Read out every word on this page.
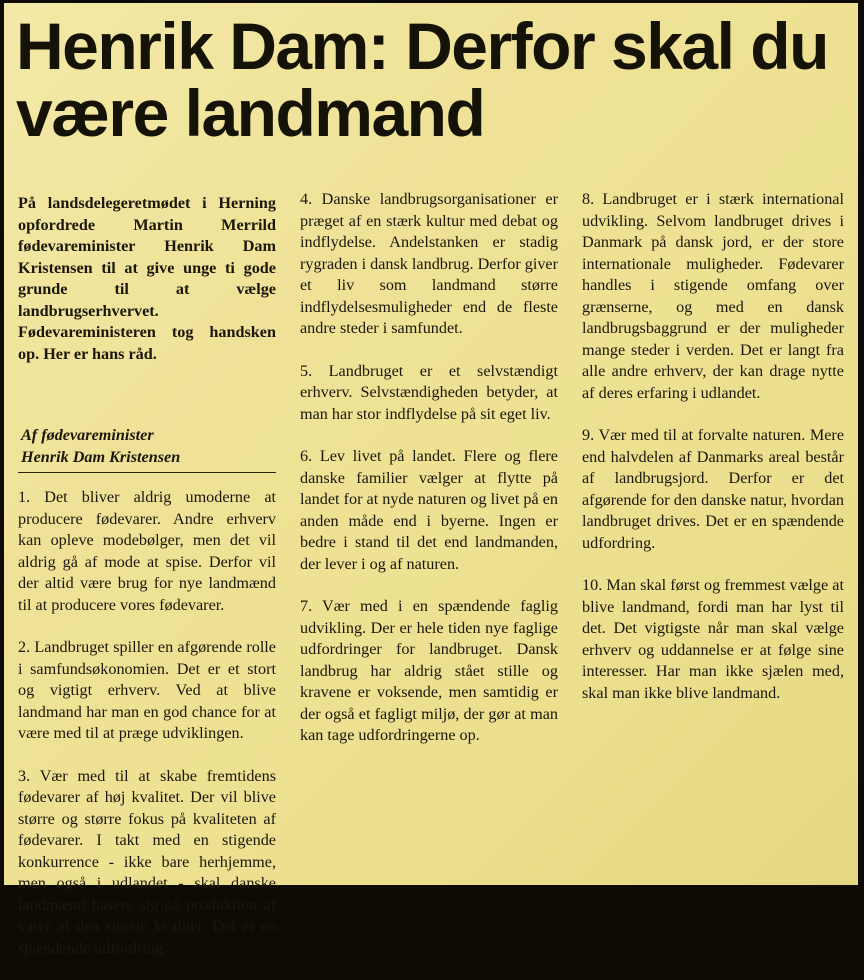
Henrik Dam: Derfor skal du være landmand

På landsdelegeretmødet i Herning opfordrede Martin Merrild fødevareminister Henrik Dam Kristensen til at give unge ti gode grunde til at vælge landbrugserhvervet. Fødevareministeren tog handsken op. Her er hans råd.

Af fødevareminister
Henrik Dam Kristensen

1. Det bliver aldrig umoderne at producere fødevarer. Andre erhverv kan opleve modebølger, men det vil aldrig gå af mode at spise. Derfor vil der altid være brug for nye landmænd til at producere vores fødevarer.

2. Landbruget spiller en afgørende rolle i samfundsøkonomien. Det er et stort og vigtigt erhverv. Ved at blive landmand har man en god chance for at være med til at præge udviklingen.

3. Vær med til at skabe fremtidens fødevarer af høj kvalitet. Der vil blive større og større fokus på kvaliteten af fødevarer. I takt med en stigende konkurrence - ikke bare herhjemme, men også i udlandet - skal danske landmænd basere sig på produktion af varer af den største kvalitet. Det er en spændende udfordring.

4. Danske landbrugsorganisationer er præget af en stærk kultur med debat og indflydelse. Andelstanken er stadig rygraden i dansk landbrug. Derfor giver et liv som landmand større indflydelsesmuligheder end de fleste andre steder i samfundet.

5. Landbruget er et selvstændigt erhverv. Selvstændigheden betyder, at man har stor indflydelse på sit eget liv.

6. Lev livet på landet. Flere og flere danske familier vælger at flytte på landet for at nyde naturen og livet på en anden måde end i byerne. Ingen er bedre i stand til det end landmanden, der lever i og af naturen.

7. Vær med i en spændende faglig udvikling. Der er hele tiden nye faglige udfordringer for landbruget. Dansk landbrug har aldrig stået stille og kravene er voksende, men samtidig er der også et fagligt miljø, der gør at man kan tage udfordringerne op.

8. Landbruget er i stærk international udvikling. Selvom landbruget drives i Danmark på dansk jord, er der store internationale muligheder. Fødevarer handles i stigende omfang over grænserne, og med en dansk landbrugsbaggrund er der muligheder mange steder i verden. Det er langt fra alle andre erhverv, der kan drage nytte af deres erfaring i udlandet.

9. Vær med til at forvalte naturen. Mere end halvdelen af Danmarks areal består af landbrugsjord. Derfor er det afgørende for den danske natur, hvordan landbruget drives. Det er en spændende udfordring.

10. Man skal først og fremmest vælge at blive landmand, fordi man har lyst til det. Det vigtigste når man skal vælge erhverv og uddannelse er at følge sine interesser. Har man ikke sjælen med, skal man ikke blive landmand.
